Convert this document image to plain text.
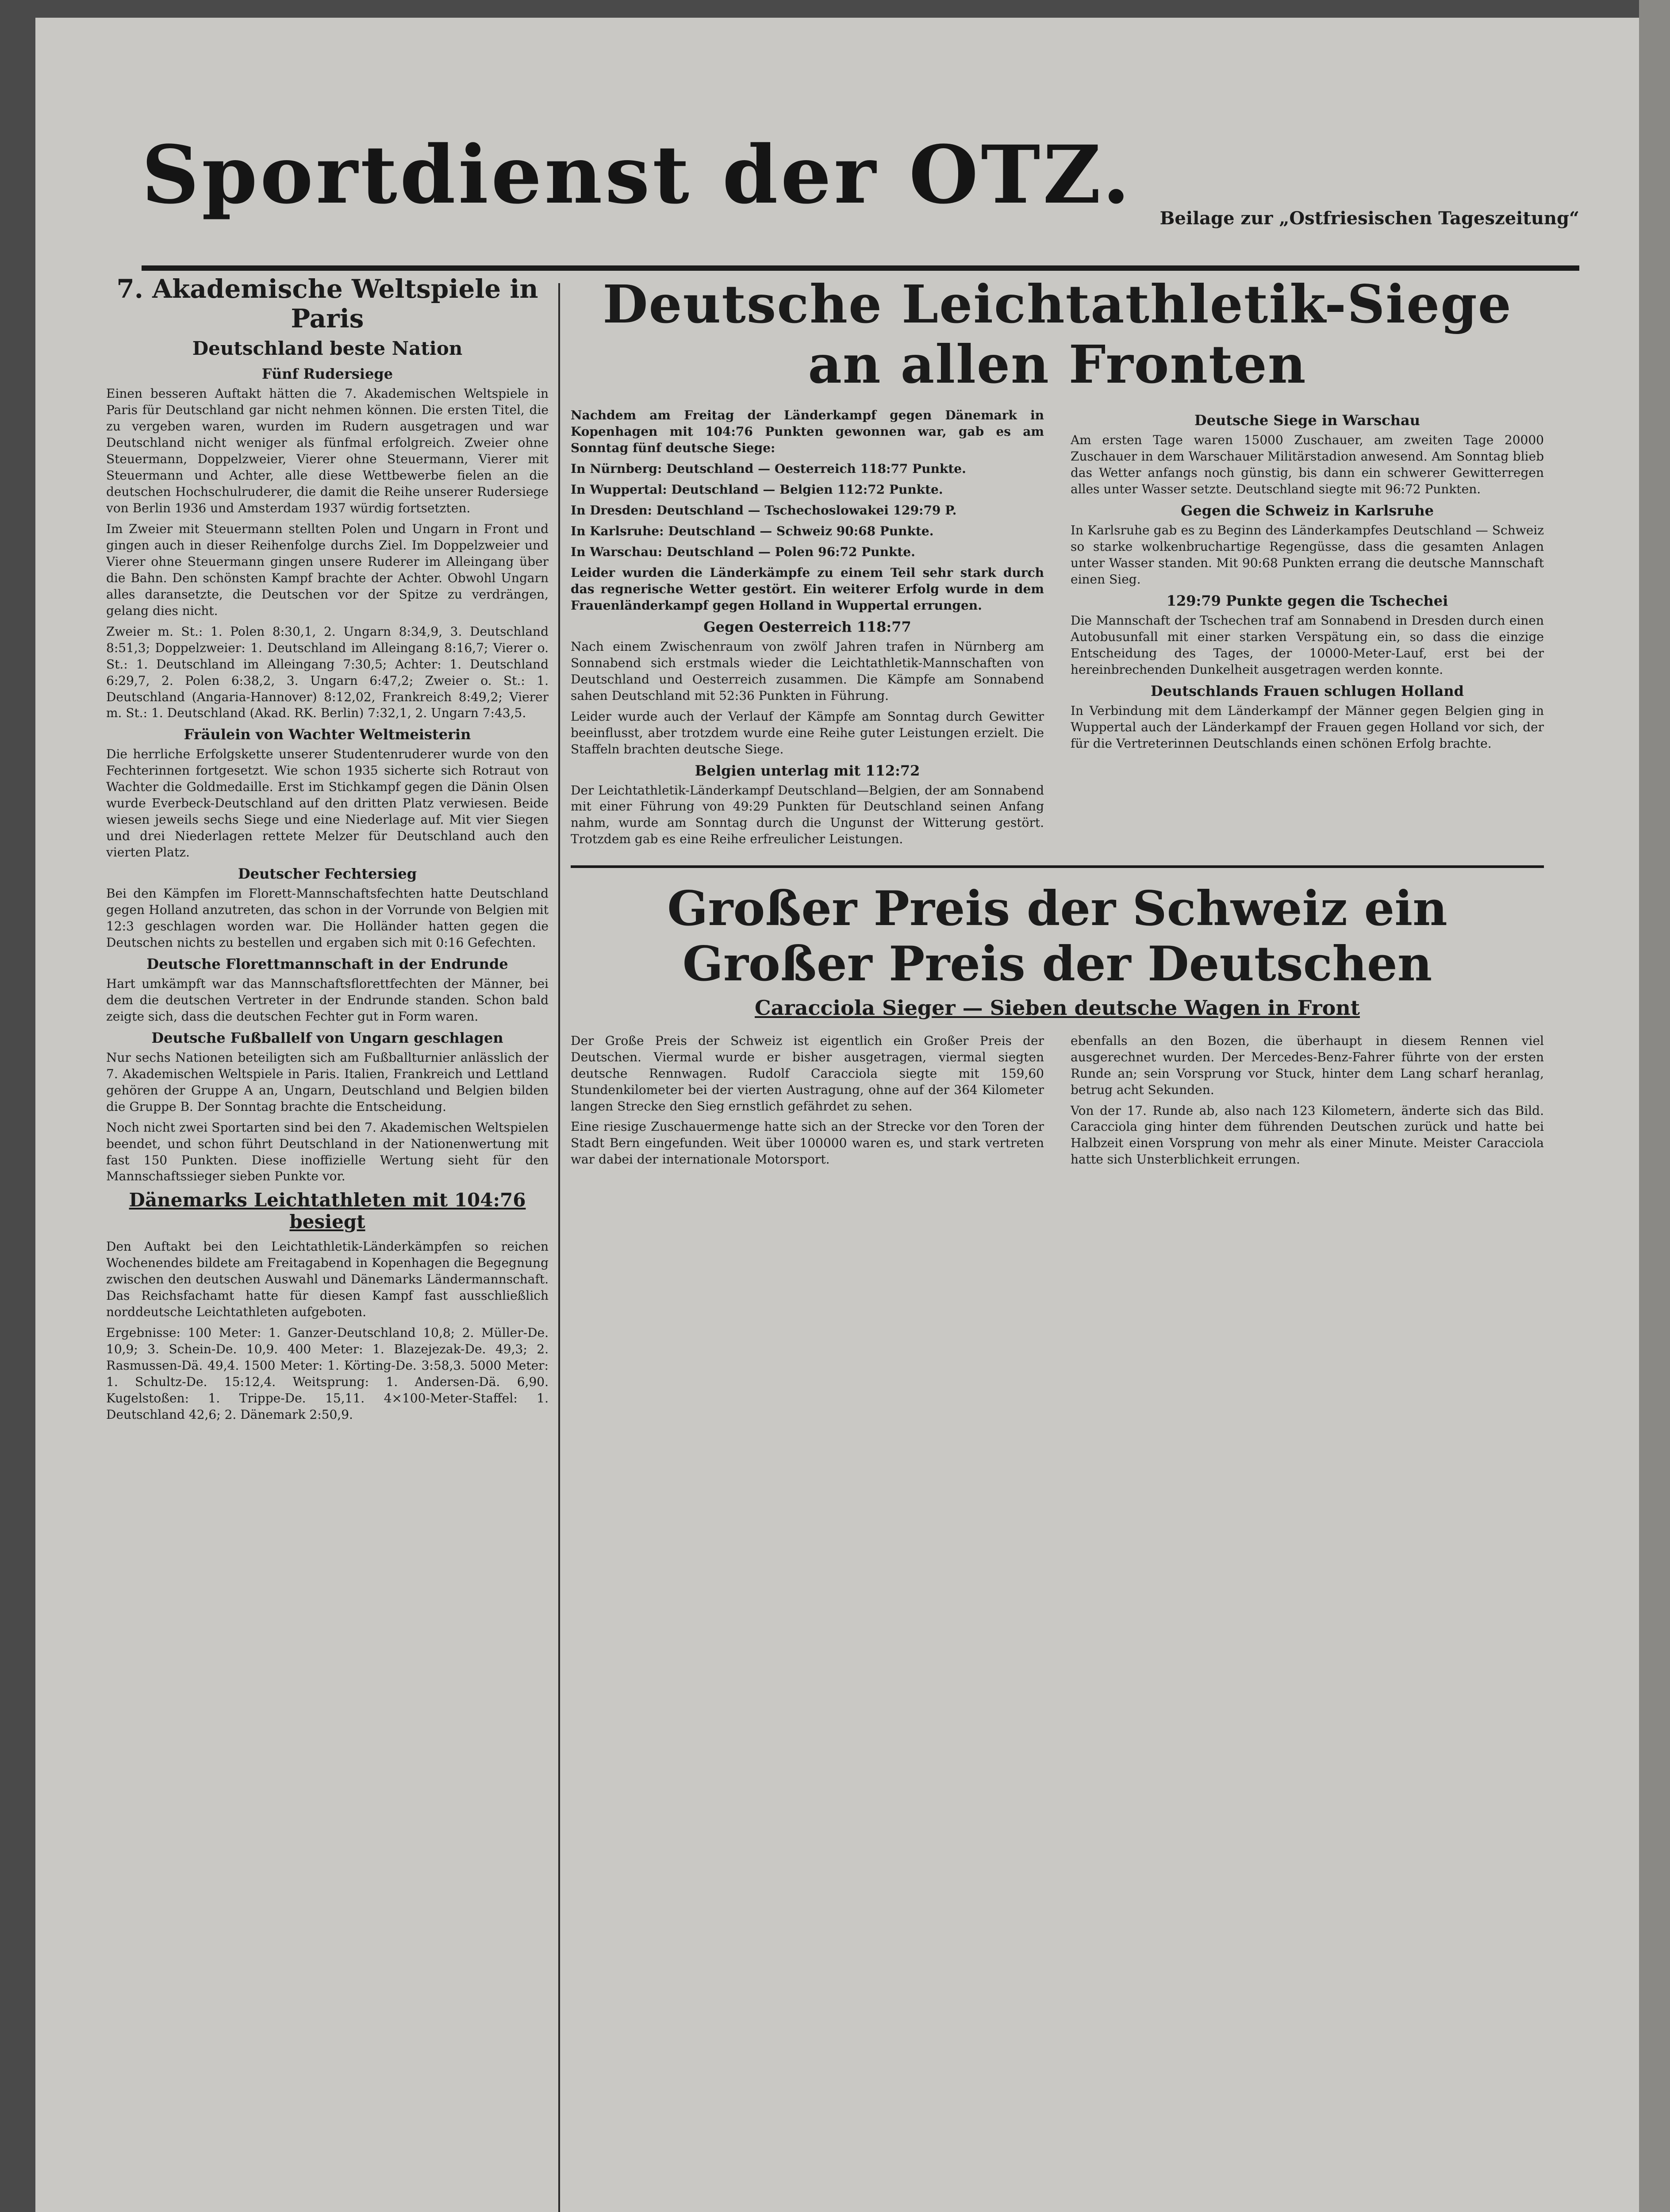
Sportdienst der OTZ. Beilage zur „Ostfriesischen Tageszeitung“
7. Akademische Weltspiele in Paris
Deutschland beste Nation
Fünf Rudersiege

Einen besseren Auftakt hätten die 7. Akademischen Weltspiele in Paris für Deutschland gar nicht nehmen können. Die ersten Titel, die zu vergeben waren, wurden im Rudern ausgetragen und war Deutschland nicht weniger als fünfmal erfolgreich. Zweier ohne Steuermann, Doppelzweier, Vierer ohne Steuermann, Vierer mit Steuermann und Achter, alle diese Wettbewerbe fielen an die deutschen Hochschulruderer, die damit die Reihe unserer Rudersiege von Berlin 1936 und Amsterdam 1937 würdig fortsetzten.

Im Zweier mit Steuermann stellten Polen und Ungarn in Front und gingen auch in dieser Reihenfolge durchs Ziel. Im Doppelzweier und Vierer ohne Steuermann gingen unsere Ruderer im Alleingang über die Bahn. Den schönsten Kampf brachte der Achter. Obwohl Ungarn alles daransetzte, die Deutschen vor der Spitze zu verdrängen, gelang dies nicht.

Zweier m. St.: 1. Polen 8:30,1, 2. Ungarn 8:34,9, 3. Deutschland 8:51,3; Doppelzweier: 1. Deutschland im Alleingang 8:16,7; Vierer o. St.: 1. Deutschland im Alleingang 7:30,5; Achter: 1. Deutschland 6:29,7, 2. Polen 6:38,2, 3. Ungarn 6:47,2; Zweier o. St.: 1. Deutschland (Angaria-Hannover) 8:12,02, Frankreich 8:49,2; Vierer m. St.: 1. Deutschland (Akad. RK. Berlin) 7:32,1, 2. Ungarn 7:43,5.

Fräulein von Wachter Weltmeisterin

Die herrliche Erfolgskette unserer Studentenruderer wurde von den Fechterinnen fortgesetzt. Wie schon 1935 sicherte sich Rotraut von Wachter die Goldmedaille. Erst im Stichkampf gegen die Dänin Olsen wurde Everbeck-Deutschland auf den dritten Platz verwiesen. Beide wiesen jeweils sechs Siege und eine Niederlage auf. Mit vier Siegen und drei Niederlagen rettete Melzer für Deutschland auch den vierten Platz.

Deutscher Fechtersieg

Bei den Kämpfen im Florett-Mannschaftsfechten hatte Deutschland gegen Holland anzutreten, das schon in der Vorrunde von Belgien mit 12:3 geschlagen worden war. Die Holländer hatten gegen die Deutschen nichts zu bestellen und ergaben sich mit 0:16 Gefechten.

Deutsche Florettmannschaft in der Endrunde

Hart umkämpft war das Mannschaftsflorettfechten der Männer, bei dem die deutschen Vertreter in der Endrunde standen. Schon bald zeigte sich, dass die deutschen Fechter gut in Form waren.

Deutsche Fußballelf von Ungarn geschlagen

Nur sechs Nationen beteiligten sich am Fußballturnier anlässlich der 7. Akademischen Weltspiele in Paris. Italien, Frankreich und Lettland gehören der Gruppe A an, Ungarn, Deutschland und Belgien bilden die Gruppe B. Der Sonntag brachte die Entscheidung.

Noch nicht zwei Sportarten sind bei den 7. Akademischen Weltspielen beendet, und schon führt Deutschland in der Nationenwertung mit fast 150 Punkten. Diese inoffizielle Wertung sieht für den Mannschaftssieger sieben Punkte vor.

Dänemarks Leichtathleten mit 104:76 besiegt

Den Auftakt bei den Leichtathletik-Länderkämpfen so reichen Wochenendes bildete am Freitagabend in Kopenhagen die Begegnung zwischen den deutschen Auswahl und Dänemarks Ländermannschaft. Das Reichsfachamt hatte für diesen Kampf fast ausschließlich norddeutsche Leichtathleten aufgeboten.

Ergebnisse: 100 Meter: 1. Ganzer-Deutschland 10,8; 2. Müller-De. 10,9; 3. Schein-De. 10,9. 400 Meter: 1. Blazejezak-De. 49,3; 2. Rasmussen-Dä. 49,4. 1500 Meter: 1. Körting-De. 3:58,3. 5000 Meter: 1. Schultz-De. 15:12,4. Weitsprung: 1. Andersen-Dä. 6,90. Kugelstoßen: 1. Trippe-De. 15,11. 4×100-Meter-Staffel: 1. Deutschland 42,6; 2. Dänemark 2:50,9.

Deutsche Leichtathletik-Siege an allen Fronten

Nachdem am Freitag der Länderkampf gegen Dänemark in Kopenhagen mit 104:76 Punkten gewonnen war, gab es am Sonntag fünf deutsche Siege:

In Nürnberg: Deutschland — Oesterreich 118:77 Punkte.

In Wuppertal: Deutschland — Belgien 112:72 Punkte.

In Dresden: Deutschland — Tschechoslowakei 129:79 P.

In Karlsruhe: Deutschland — Schweiz 90:68 Punkte.

In Warschau: Deutschland — Polen 96:72 Punkte.

Leider wurden die Länderkämpfe zu einem Teil sehr stark durch das regnerische Wetter gestört. Ein weiterer Erfolg wurde in dem Frauenländerkampf gegen Holland in Wuppertal errungen.

Gegen Oesterreich 118:77

Nach einem Zwischenraum von zwölf Jahren trafen in Nürnberg am Sonnabend sich erstmals wieder die Leichtathletik-Mannschaften von Deutschland und Oesterreich zusammen. Die Kämpfe am Sonnabend sahen Deutschland mit 52:36 Punkten in Führung.

Leider wurde auch der Verlauf der Kämpfe am Sonntag durch Gewitter beeinflusst, aber trotzdem wurde eine Reihe guter Leistungen erzielt. Die Staffeln brachten deutsche Siege.

Belgien unterlag mit 112:72

Der Leichtathletik-Länderkampf Deutschland—Belgien, der am Sonnabend mit einer Führung von 49:29 Punkten für Deutschland seinen Anfang nahm, wurde am Sonntag durch die Ungunst der Witterung gestört. Trotzdem gab es eine Reihe erfreulicher Leistungen.

Deutsche Siege in Warschau

Am ersten Tage waren 15000 Zuschauer, am zweiten Tage 20000 Zuschauer in dem Warschauer Militärstadion anwesend. Am Sonntag blieb das Wetter anfangs noch günstig, bis dann ein schwerer Gewitterregen alles unter Wasser setzte. Deutschland siegte mit 96:72 Punkten.

Gegen die Schweiz in Karlsruhe

In Karlsruhe gab es zu Beginn des Länderkampfes Deutschland — Schweiz so starke wolkenbruchartige Regengüsse, dass die gesamten Anlagen unter Wasser standen. Mit 90:68 Punkten errang die deutsche Mannschaft einen Sieg.

129:79 Punkte gegen die Tschechei

Die Mannschaft der Tschechen traf am Sonnabend in Dresden durch einen Autobusunfall mit einer starken Verspätung ein, so dass die einzige Entscheidung des Tages, der 10000-Meter-Lauf, erst bei der hereinbrechenden Dunkelheit ausgetragen werden konnte.

Deutschlands Frauen schlugen Holland

In Verbindung mit dem Länderkampf der Männer gegen Belgien ging in Wuppertal auch der Länderkampf der Frauen gegen Holland vor sich, der für die Vertreterinnen Deutschlands einen schönen Erfolg brachte.

Großer Preis der Schweiz ein Großer Preis der Deutschen
Caracciola Sieger — Sieben deutsche Wagen in Front

Der Große Preis der Schweiz ist eigentlich ein Großer Preis der Deutschen. Viermal wurde er bisher ausgetragen, viermal siegten deutsche Rennwagen. Rudolf Caracciola siegte mit 159,60 Stundenkilometer bei der vierten Austragung, ohne auf der 364 Kilometer langen Strecke den Sieg ernstlich gefährdet zu sehen.

Eine riesige Zuschauermenge hatte sich an der Strecke vor den Toren der Stadt Bern eingefunden. Weit über 100000 waren es, und stark vertreten war dabei der internationale Motorsport.

ebenfalls an den Bozen, die überhaupt in diesem Rennen viel ausgerechnet wurden. Der Mercedes-Benz-Fahrer führte von der ersten Runde an; sein Vorsprung vor Stuck, hinter dem Lang scharf heranlag, betrug acht Sekunden.

Von der 17. Runde ab, also nach 123 Kilometern, änderte sich das Bild. Caracciola ging hinter dem führenden Deutschen zurück und hatte bei Halbzeit einen Vorsprung von mehr als einer Minute. Meister Caracciola hatte sich Unsterblichkeit errungen.
